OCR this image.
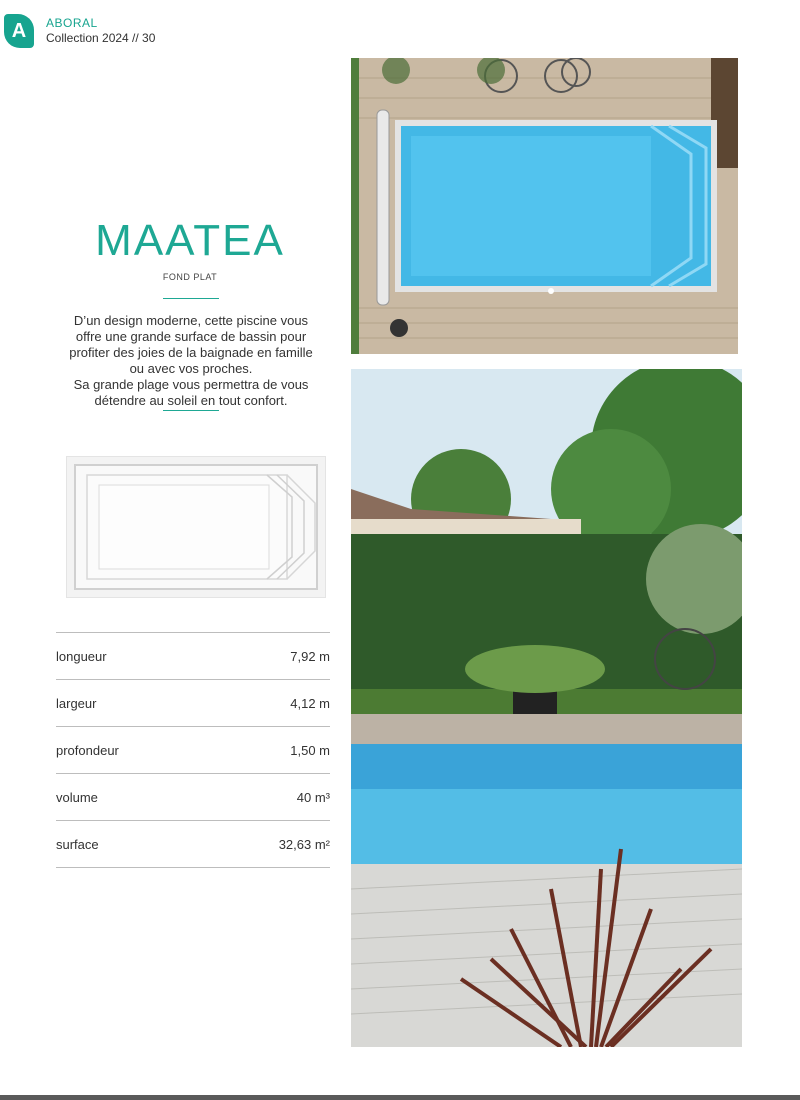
A	ABORAL
Collection 2024 // 30
MAATEA
FOND PLAT

D’un design moderne, cette piscine vous

offre une grande surface de bassin pour

profiter des joies de la baignade en famille

ou avec vos proches.

Sa grande plage vous permettra de vous

détendre au soleil en tout confort.

longueur	7,92 m
largeur	4,12 m
profondeur	1,50 m
volume	40 m³
surface	32,63 m²
